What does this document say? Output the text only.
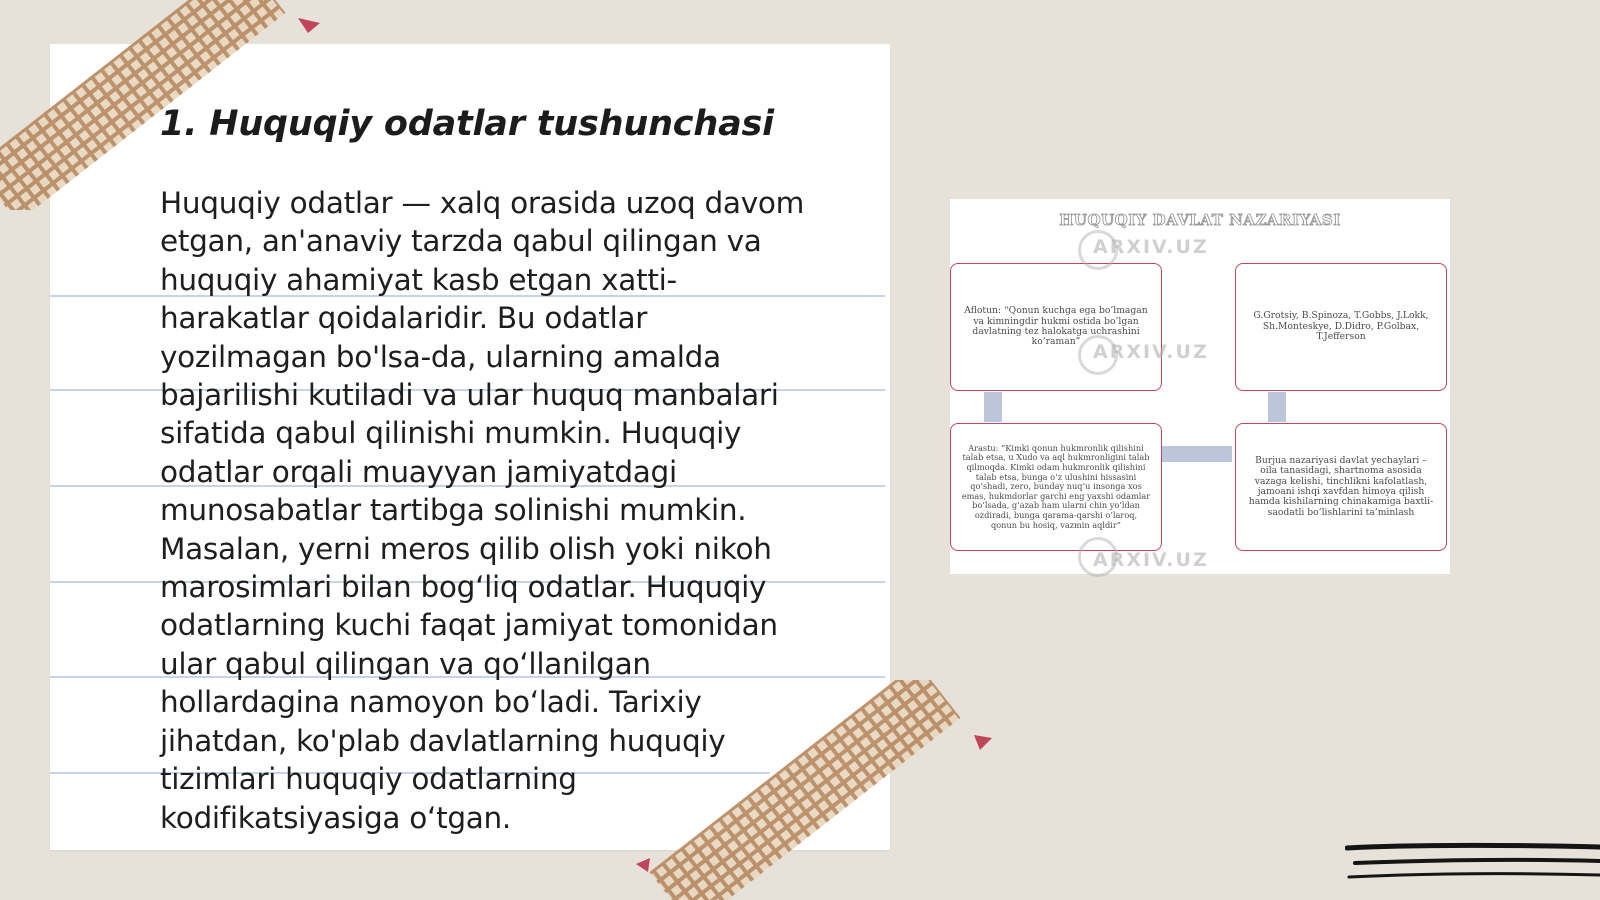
1. Huquqiy odatlar tushunchasi
Huquqiy odatlar — xalq orasida uzoq davom
etgan, an'anaviy tarzda qabul qilingan va
huquqiy ahamiyat kasb etgan xatti-
harakatlar qoidalaridir. Bu odatlar
yozilmagan bo'lsa-da, ularning amalda
bajarilishi kutiladi va ular huquq manbalari
sifatida qabul qilinishi mumkin. Huquqiy
odatlar orqali muayyan jamiyatdagi
munosabatlar tartibga solinishi mumkin.
Masalan, yerni meros qilib olish yoki nikoh
marosimlari bilan bogʻliq odatlar. Huquqiy
odatlarning kuchi faqat jamiyat tomonidan
ular qabul qilingan va qoʻllanilgan
hollardagina namoyon boʻladi. Tarixiy
jihatdan, ko'plab davlatlarning huquqiy
tizimlari huquqiy odatlarning
kodifikatsiyasiga oʻtgan.
HUQUQIY DAVLAT NAZARIYASI
Aflotun: “Qonun kuchga ega bo’lmagan va kimningdir hukmi ostida bo’lgan davlatning tez halokatga uchrashini ko’raman”
G.Grotsiy, B.Spinoza, T.Gobbs, J.Lokk, Sh.Monteskye, D.Didro, P.Golbax, T.Jefferson
Arastu: “Kimki qonun hukmronlik qilishini talab etsa, u Xudo va aql hukmronligini talab qilmoqda. Kimki odam hukmronlik qilishini talab etsa, bunga o’z ulushini hissasini qo’shadi, zero, bunday nuq’u insonga xos emas, hukmdorlar garchi eng yaxshi odamlar bo’lsada, g’azab ham ularni chin yo’ldan ozdiradi, bunga qarama-qarshi o’laroq, qonun bu hosiq, vazmin aqldir”
Burjua nazariyasi davlat yechaylari – oila tanasidagi, shartnoma asosida vazaga kelishi, tinchlikni kafolatlash, jamoani ishqi xavfdan himoya qilish hamda kishilarning chinakamiga baxtli-saodatli bo’lishlarini ta’minlash
ARXIV.UZ
ARXIV.UZ
ARXIV.UZ
